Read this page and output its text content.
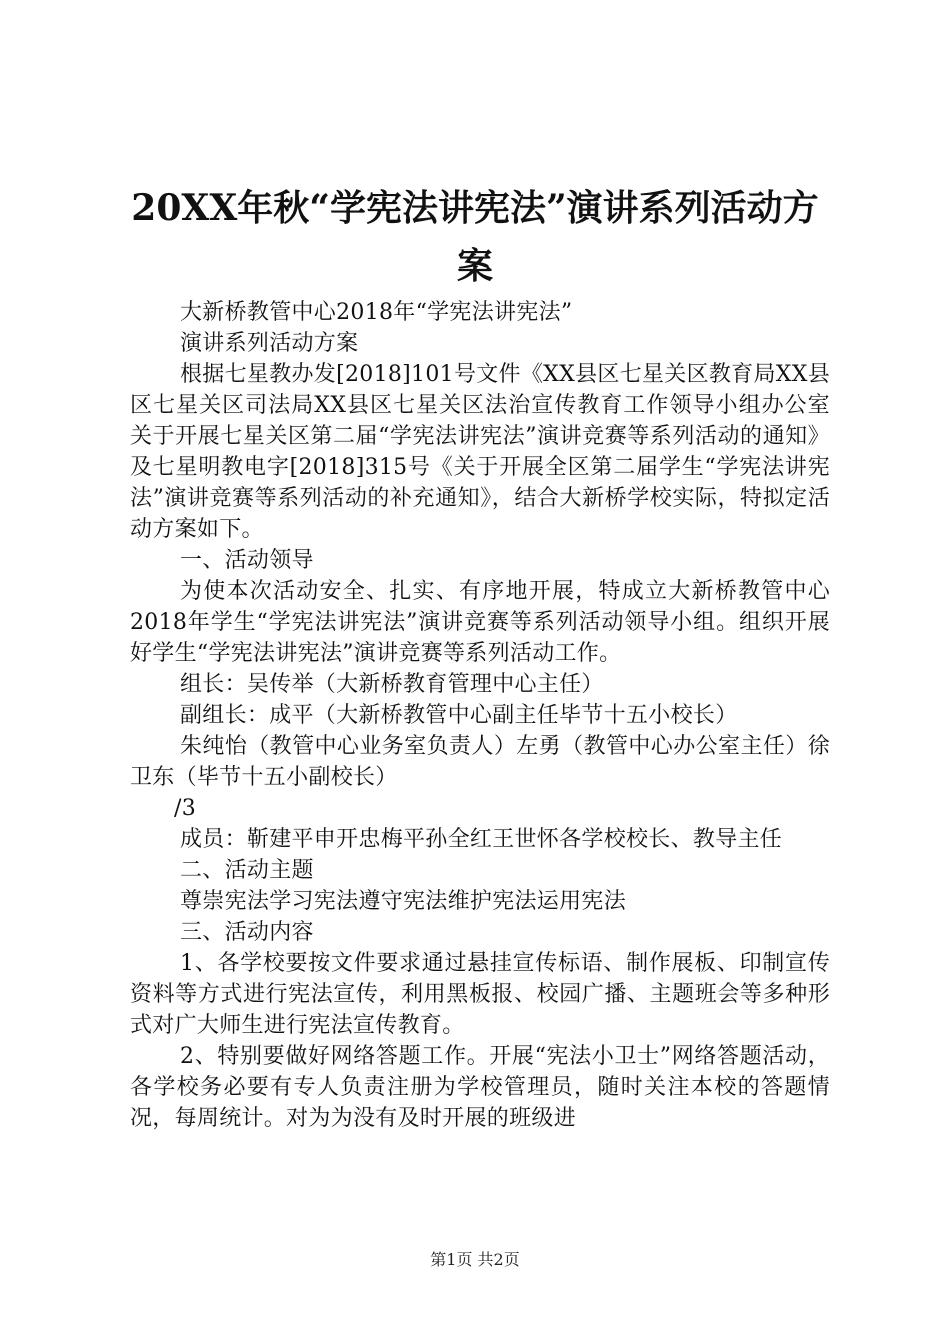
20XX年秋“学宪法讲宪法”演讲系列活动方
案

大新桥教管中心2018年“学宪法讲宪法”

演讲系列活动方案

根据七星教办发[2018]101号文件《XX县区七星关区教育局XX县区七星关区司法局XX县区七星关区法治宣传教育工作领导小组办公室关于开展七星关区第二届“学宪法讲宪法”演讲竞赛等系列活动的通知》及七星明教电字[2018]315号《关于开展全区第二届学生“学宪法讲宪法”演讲竞赛等系列活动的补充通知》，结合大新桥学校实际，特拟定活动方案如下。

一、活动领导

为使本次活动安全、扎实、有序地开展，特成立大新桥教管中心2018年学生“学宪法讲宪法”演讲竞赛等系列活动领导小组。组织开展好学生“学宪法讲宪法”演讲竞赛等系列活动工作。

组长：吴传举（大新桥教育管理中心主任）

副组长：成平（大新桥教管中心副主任毕节十五小校长）

朱纯怡（教管中心业务室负责人）左勇（教管中心办公室主任）徐卫东（毕节十五小副校长）

/3

成员：靳建平申开忠梅平孙全红王世怀各学校校长、教导主任

二、活动主题

尊崇宪法学习宪法遵守宪法维护宪法运用宪法

三、活动内容

1、各学校要按文件要求通过悬挂宣传标语、制作展板、印制宣传资料等方式进行宪法宣传，利用黑板报、校园广播、主题班会等多种形式对广大师生进行宪法宣传教育。

2、特别要做好网络答题工作。开展“宪法小卫士”网络答题活动，各学校务必要有专人负责注册为学校管理员，随时关注本校的答题情况，每周统计。对为为没有及时开展的班级进

第1页 共2页
